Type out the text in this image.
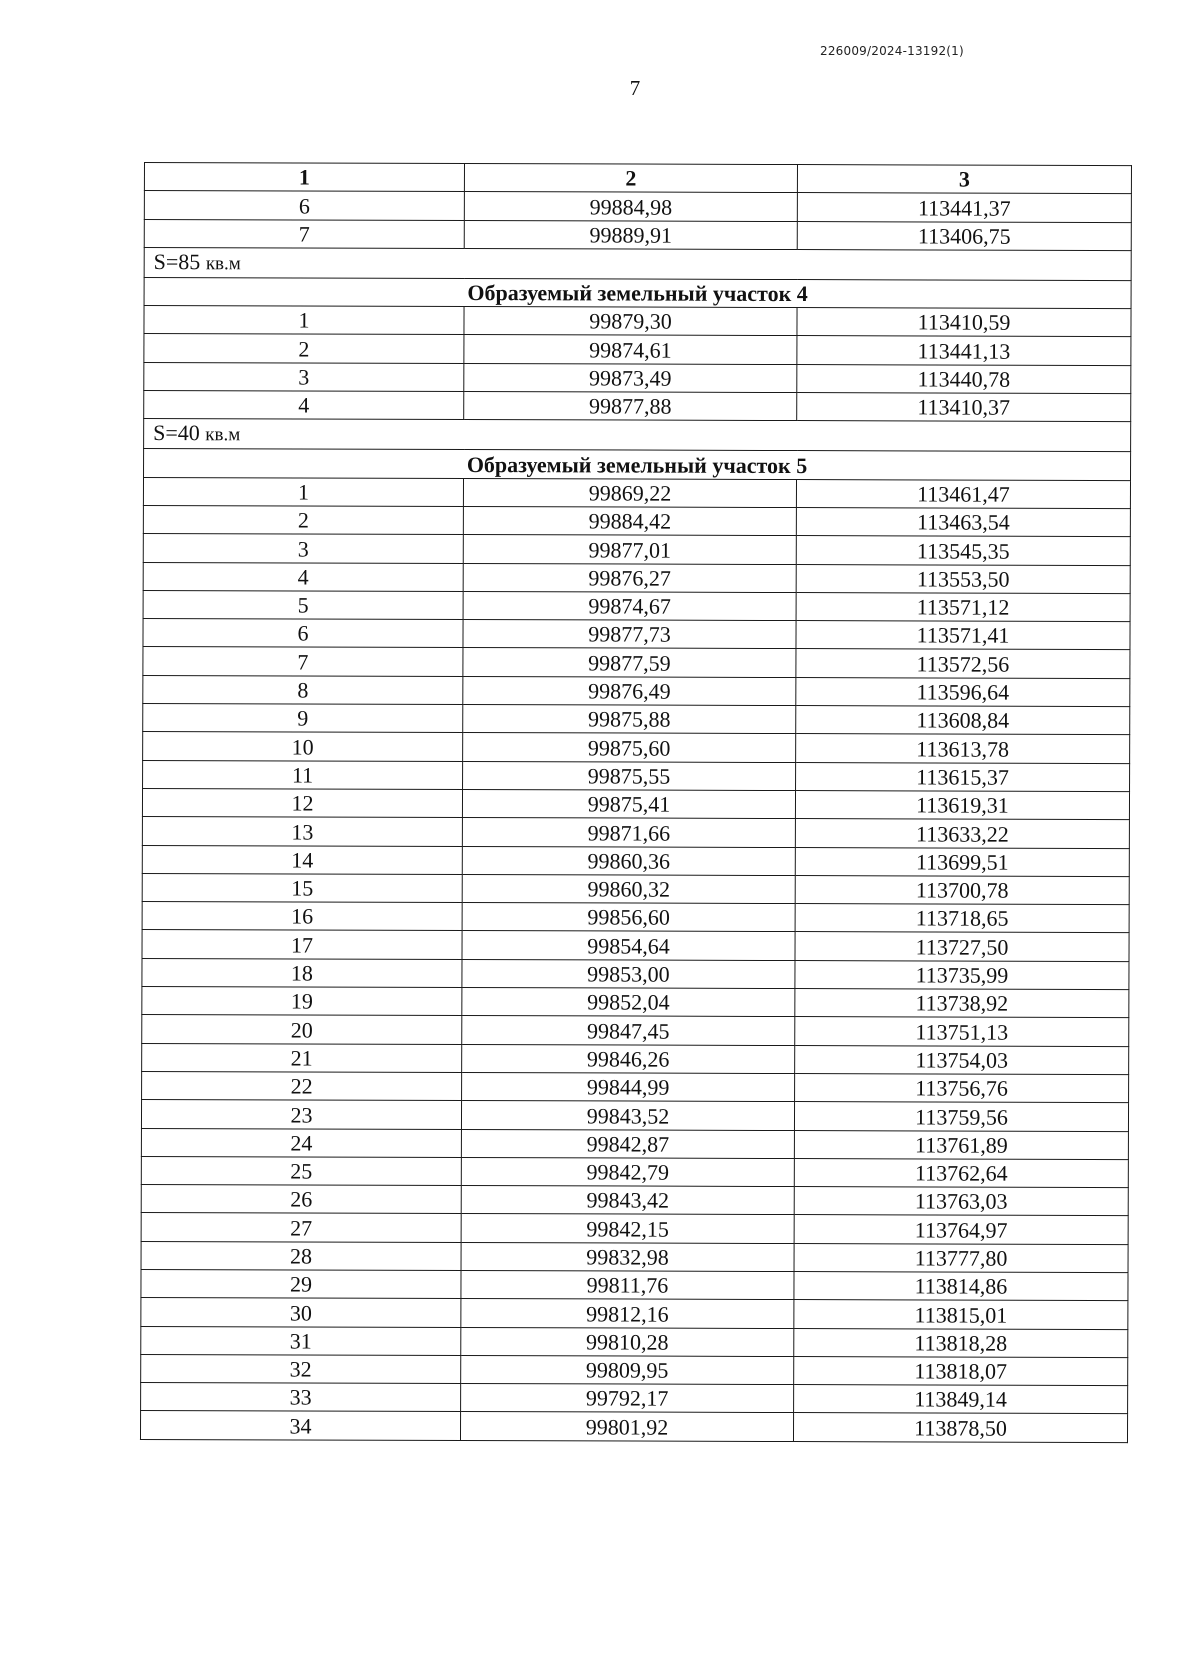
226009/2024-13192(1)
7
1	2	3
6	99884,98	113441,37
7	99889,91	113406,75
S=85 кв.м		
Образуемый земельный участок 4		
1	99879,30	113410,59
2	99874,61	113441,13
3	99873,49	113440,78
4	99877,88	113410,37
S=40 кв.м		
Образуемый земельный участок 5		
1	99869,22	113461,47
2	99884,42	113463,54
3	99877,01	113545,35
4	99876,27	113553,50
5	99874,67	113571,12
6	99877,73	113571,41
7	99877,59	113572,56
8	99876,49	113596,64
9	99875,88	113608,84
10	99875,60	113613,78
11	99875,55	113615,37
12	99875,41	113619,31
13	99871,66	113633,22
14	99860,36	113699,51
15	99860,32	113700,78
16	99856,60	113718,65
17	99854,64	113727,50
18	99853,00	113735,99
19	99852,04	113738,92
20	99847,45	113751,13
21	99846,26	113754,03
22	99844,99	113756,76
23	99843,52	113759,56
24	99842,87	113761,89
25	99842,79	113762,64
26	99843,42	113763,03
27	99842,15	113764,97
28	99832,98	113777,80
29	99811,76	113814,86
30	99812,16	113815,01
31	99810,28	113818,28
32	99809,95	113818,07
33	99792,17	113849,14
34	99801,92	113878,50
